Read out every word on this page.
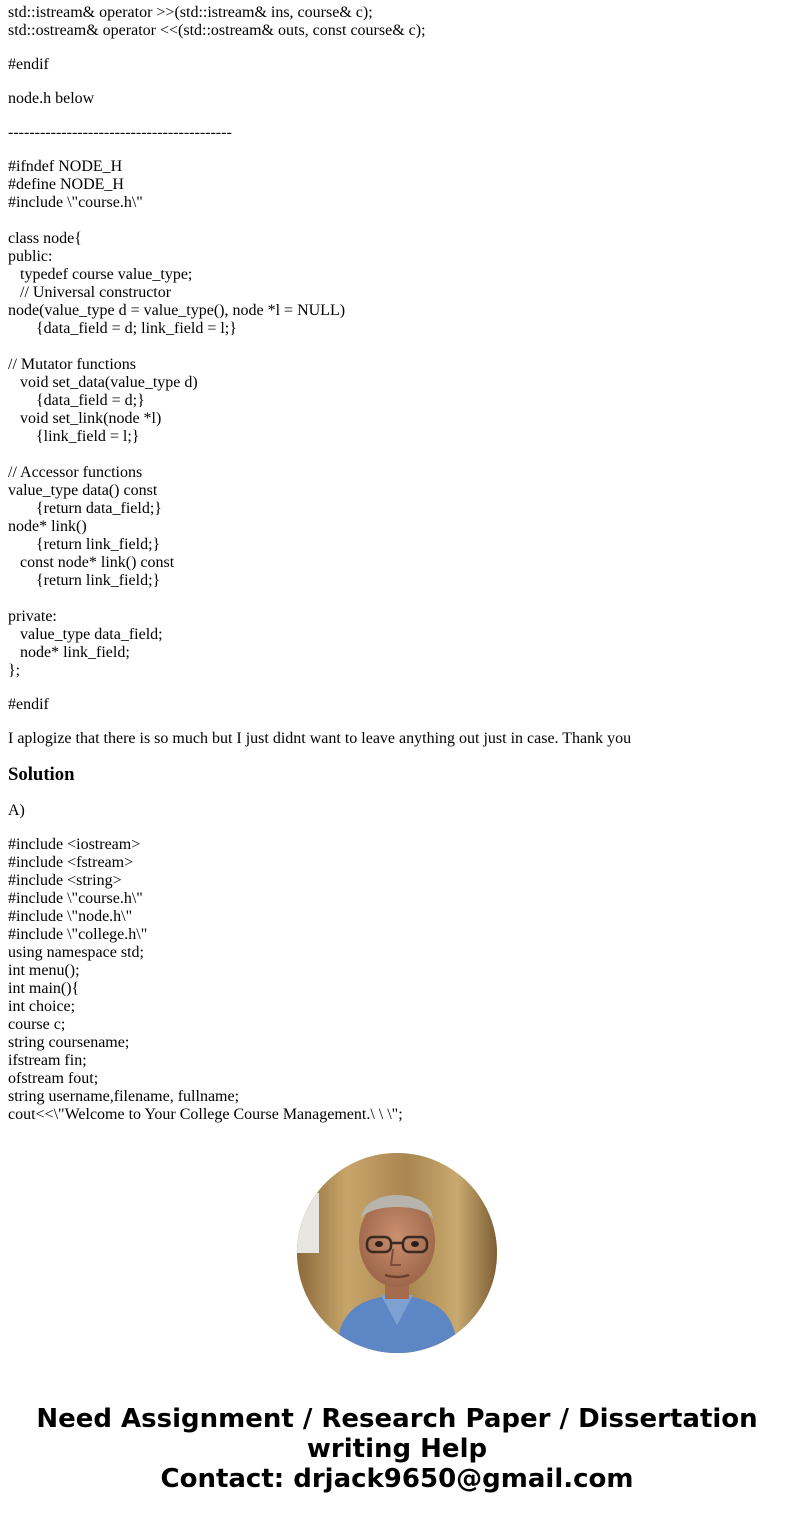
std::istream& operator >>(std::istream& ins, course& c);
std::ostream& operator <<(std::ostream& outs, const course& c);
#endif
node.h below
------------------------------------------
#ifndef NODE_H
#define NODE_H
#include \"course.h\"
class node{
public:
typedef course value_type;
// Universal constructor
node(value_type d = value_type(), node *l = NULL)
{data_field = d; link_field = l;}
// Mutator functions
void set_data(value_type d)
{data_field = d;}
void set_link(node *l)
{link_field = l;}
// Accessor functions
value_type data() const
{return data_field;}
node* link()
{return link_field;}
const node* link() const
{return link_field;}
private:
value_type data_field;
node* link_field;
};
#endif
I aplogize that there is so much but I just didnt want to leave anything out just in case. Thank you
Solution
A)
#include <iostream>
#include <fstream>
#include <string>
#include \"course.h\"
#include \"node.h\"
#include \"college.h\"
using namespace std;
int menu();
int main(){
int choice;
course c;
string coursename;
ifstream fin;
ofstream fout;
string username,filename, fullname;
cout<<\"Welcome to Your College Course Management.\ \ \";
Need Assignment / Research Paper / Dissertation
writing Help
Contact: drjack9650@gmail.com
